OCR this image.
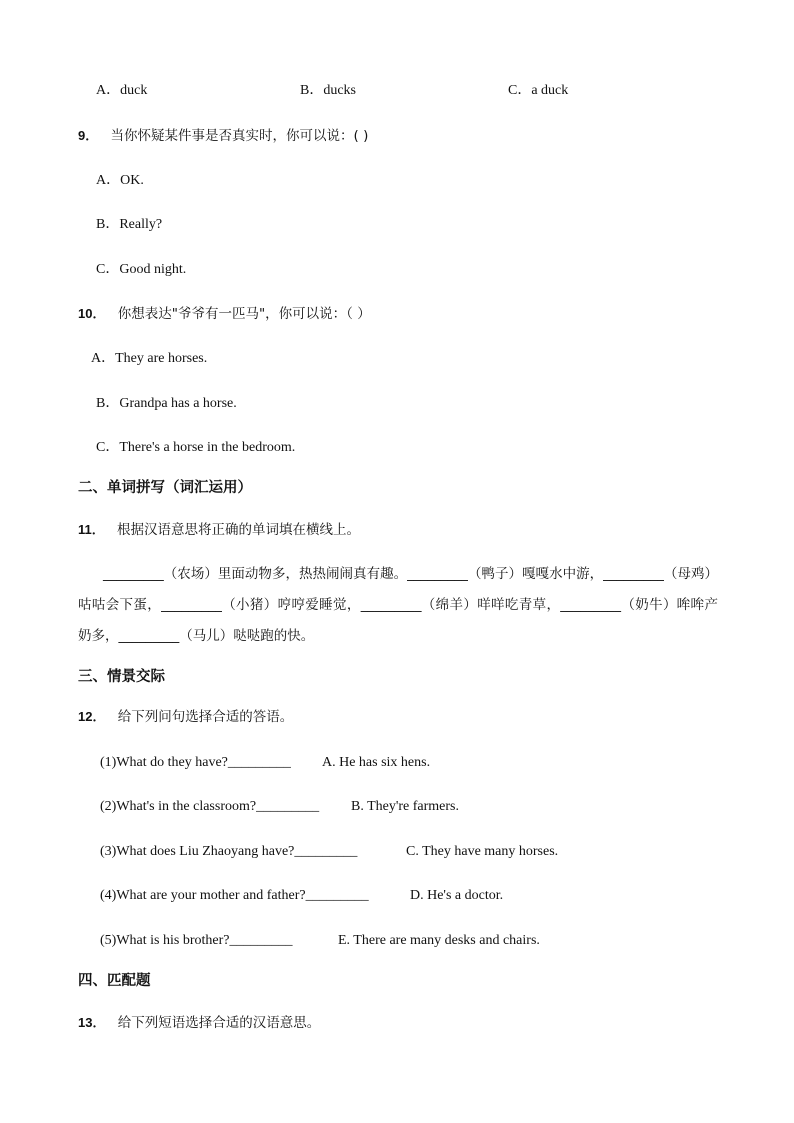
A．duck	B．ducks	C．a duck
9． 当你怀疑某件事是否真实时，你可以说：( )
A．OK.
B．Really?
C．Good night.
10． 你想表达"爷爷有一匹马"，你可以说：（ ）
A．They are horses.
B．Grandpa has a horse.
C．There's a horse in the bedroom.
二、单词拼写（词汇运用）
11． 根据汉语意思将正确的单词填在横线上。
_________（农场）里面动物多，热热闹闹真有趣。_________（鸭子）嘎嘎水中游，_________（母鸡）咕咕会下蛋，_________（小猪）哼哼爱睡觉，_________（绵羊）咩咩吃青草，_________（奶牛）哞哞产奶多，_________（马儿）哒哒跑的快。
三、情景交际
12． 给下列问句选择合适的答语。
(1)What do they have?_________ A. He has six hens.
(2)What's in the classroom?_________ B. They're farmers.
(3)What does Liu Zhaoyang have?_________	C. They have many horses.
(4)What are your mother and father?_________	D. He's a doctor.
(5)What is his brother?_________	E. There are many desks and chairs.
四、匹配题
13． 给下列短语选择合适的汉语意思。
